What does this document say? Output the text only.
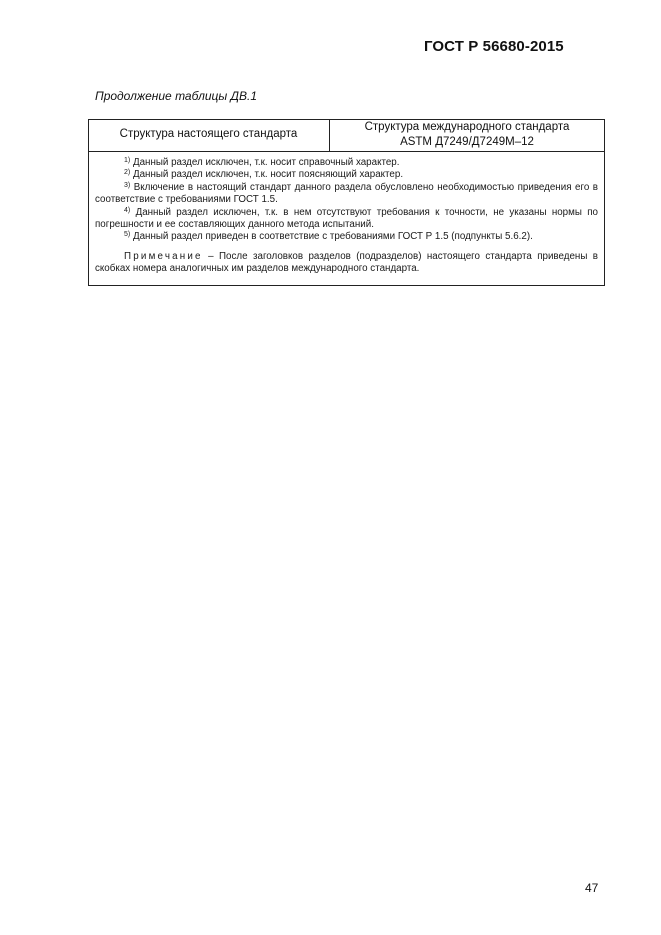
ГОСТ Р 56680-2015
Продолжение таблицы ДВ.1
Структура настоящего стандарта
Структура международного стандарта
ASTM Д7249/Д7249М–12

$^{1)}$ Данный раздел исключен, т.к. носит справочный характер.

$^{2)}$ Данный раздел исключен, т.к. носит поясняющий характер.

$^{3)}$ Включение в настоящий стандарт данного раздела обусловлено необходимостью приведения его в соответствие с требованиями ГОСТ 1.5.

$^{4)}$ Данный раздел исключен, т.к. в нем отсутствуют требования к точности, не указаны нормы по погрешности и ее составляющих данного метода испытаний.

$^{5)}$ Данный раздел приведен в соответствие с требованиями ГОСТ Р 1.5 (подпункты 5.6.2).

Примечание – После заголовков разделов (подразделов) настоящего стандарта приведены в скобках номера аналогичных им разделов международного стандарта.

47
